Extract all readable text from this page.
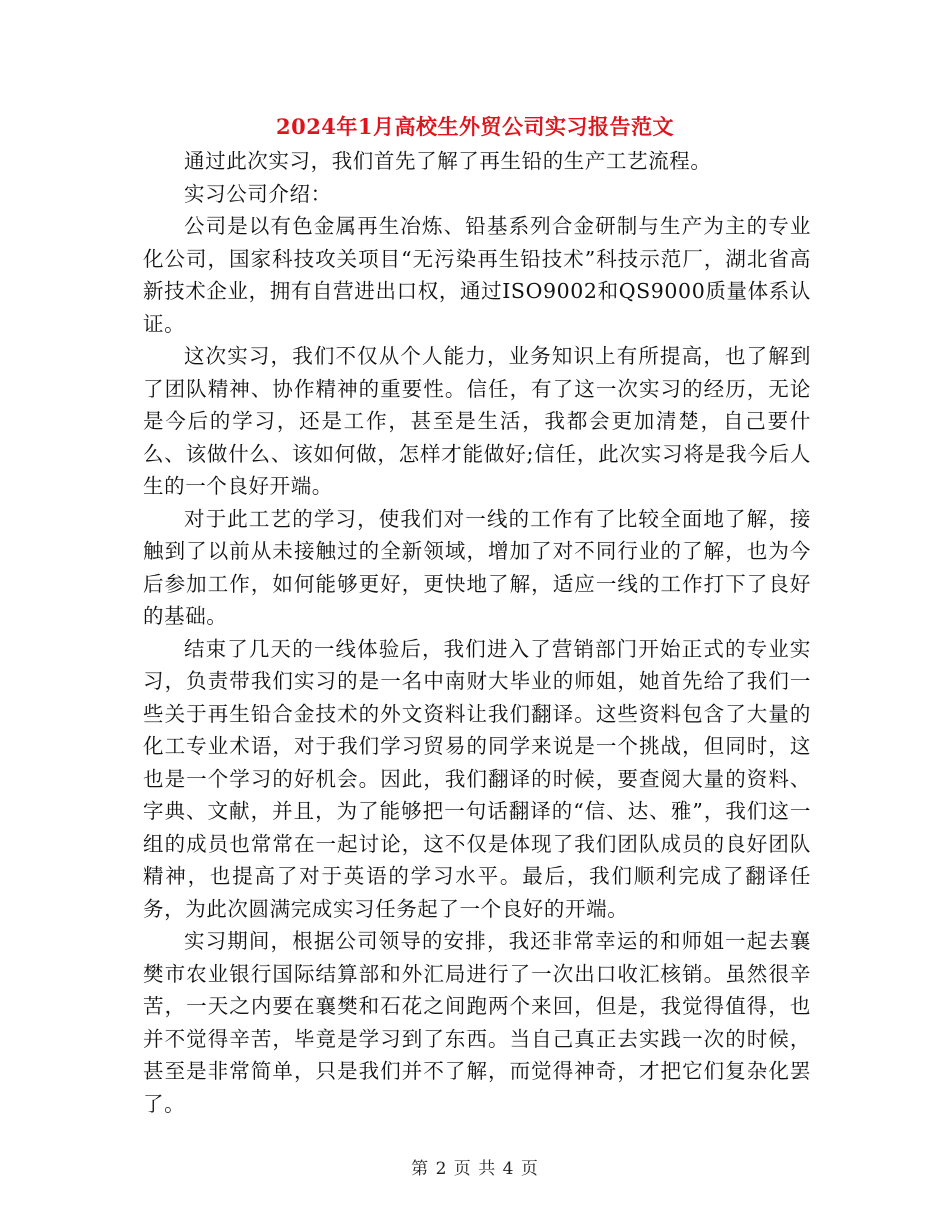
2024年1月高校生外贸公司实习报告范文

通过此次实习，我们首先了解了再生铅的生产工艺流程。

实习公司介绍：

公司是以有色金属再生冶炼、铅基系列合金研制与生产为主的专业化公司，国家科技攻关项目“无污染再生铅技术”科技示范厂，湖北省高新技术企业，拥有自营进出口权，通过ISO9002和QS9000质量体系认证。

这次实习，我们不仅从个人能力，业务知识上有所提高，也了解到了团队精神、协作精神的重要性。信任，有了这一次实习的经历，无论是今后的学习，还是工作，甚至是生活，我都会更加清楚，自己要什么、该做什么、该如何做，怎样才能做好;信任，此次实习将是我今后人生的一个良好开端。

对于此工艺的学习，使我们对一线的工作有了比较全面地了解，接触到了以前从未接触过的全新领域，增加了对不同行业的了解，也为今后参加工作，如何能够更好，更快地了解，适应一线的工作打下了良好的基础。

结束了几天的一线体验后，我们进入了营销部门开始正式的专业实习，负责带我们实习的是一名中南财大毕业的师姐，她首先给了我们一些关于再生铅合金技术的外文资料让我们翻译。这些资料包含了大量的化工专业术语，对于我们学习贸易的同学来说是一个挑战，但同时，这也是一个学习的好机会。因此，我们翻译的时候，要查阅大量的资料、字典、文献，并且，为了能够把一句话翻译的“信、达、雅”，我们这一组的成员也常常在一起讨论，这不仅是体现了我们团队成员的良好团队精神，也提高了对于英语的学习水平。最后，我们顺利完成了翻译任务，为此次圆满完成实习任务起了一个良好的开端。

实习期间，根据公司领导的安排，我还非常幸运的和师姐一起去襄樊市农业银行国际结算部和外汇局进行了一次出口收汇核销。虽然很辛苦，一天之内要在襄樊和石花之间跑两个来回，但是，我觉得值得，也并不觉得辛苦，毕竟是学习到了东西。当自己真正去实践一次的时候，甚至是非常简单，只是我们并不了解，而觉得神奇，才把它们复杂化罢了。

第 2 页 共 4 页
